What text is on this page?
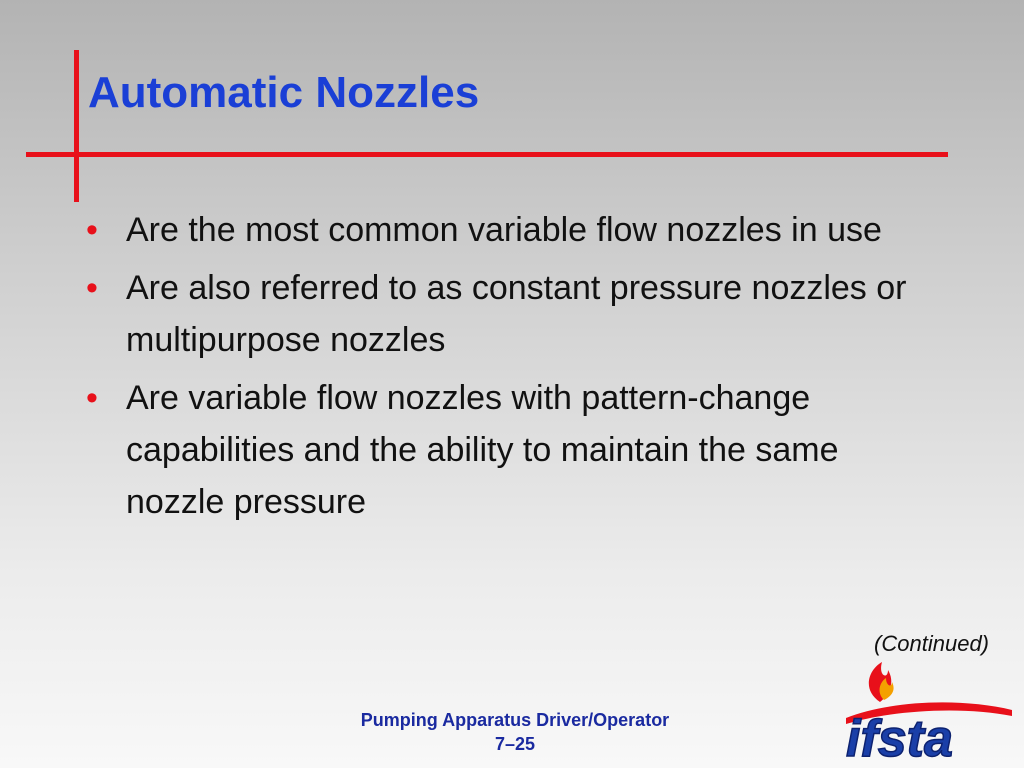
Automatic Nozzles
• Are the most common variable flow nozzles in use
• Are also referred to as constant pressure nozzles or multipurpose nozzles
• Are variable flow nozzles with pattern-change capabilities and the ability to maintain the same nozzle pressure
(Continued)
Pumping Apparatus Driver/Operator
7–25	ifsta
